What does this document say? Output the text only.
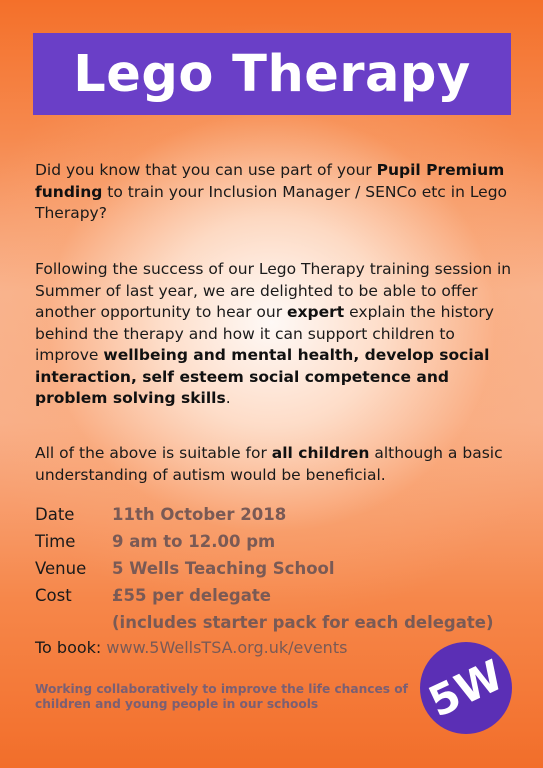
Lego Therapy

Did you know that you can use part of your Pupil Premium funding to train your Inclusion Manager / SENCo etc in Lego Therapy?

Following the success of our Lego Therapy training session in Summer of last year, we are delighted to be able to offer another opportunity to hear our expert explain the history behind the therapy and how it can support children to improve wellbeing and mental health, develop social interaction, self esteem social competence and problem solving skills.

All of the above is suitable for all children although a basic understanding of autism would be beneficial.

Date	11th October 2018
Time	9 am to 12.00 pm
Venue	5 Wells Teaching School
Cost	£55 per delegate
(includes starter pack for each delegate)
To book: www.5WellsTSA.org.uk/events
Working collaboratively to improve the life chances of children and young people in our schools	5W
